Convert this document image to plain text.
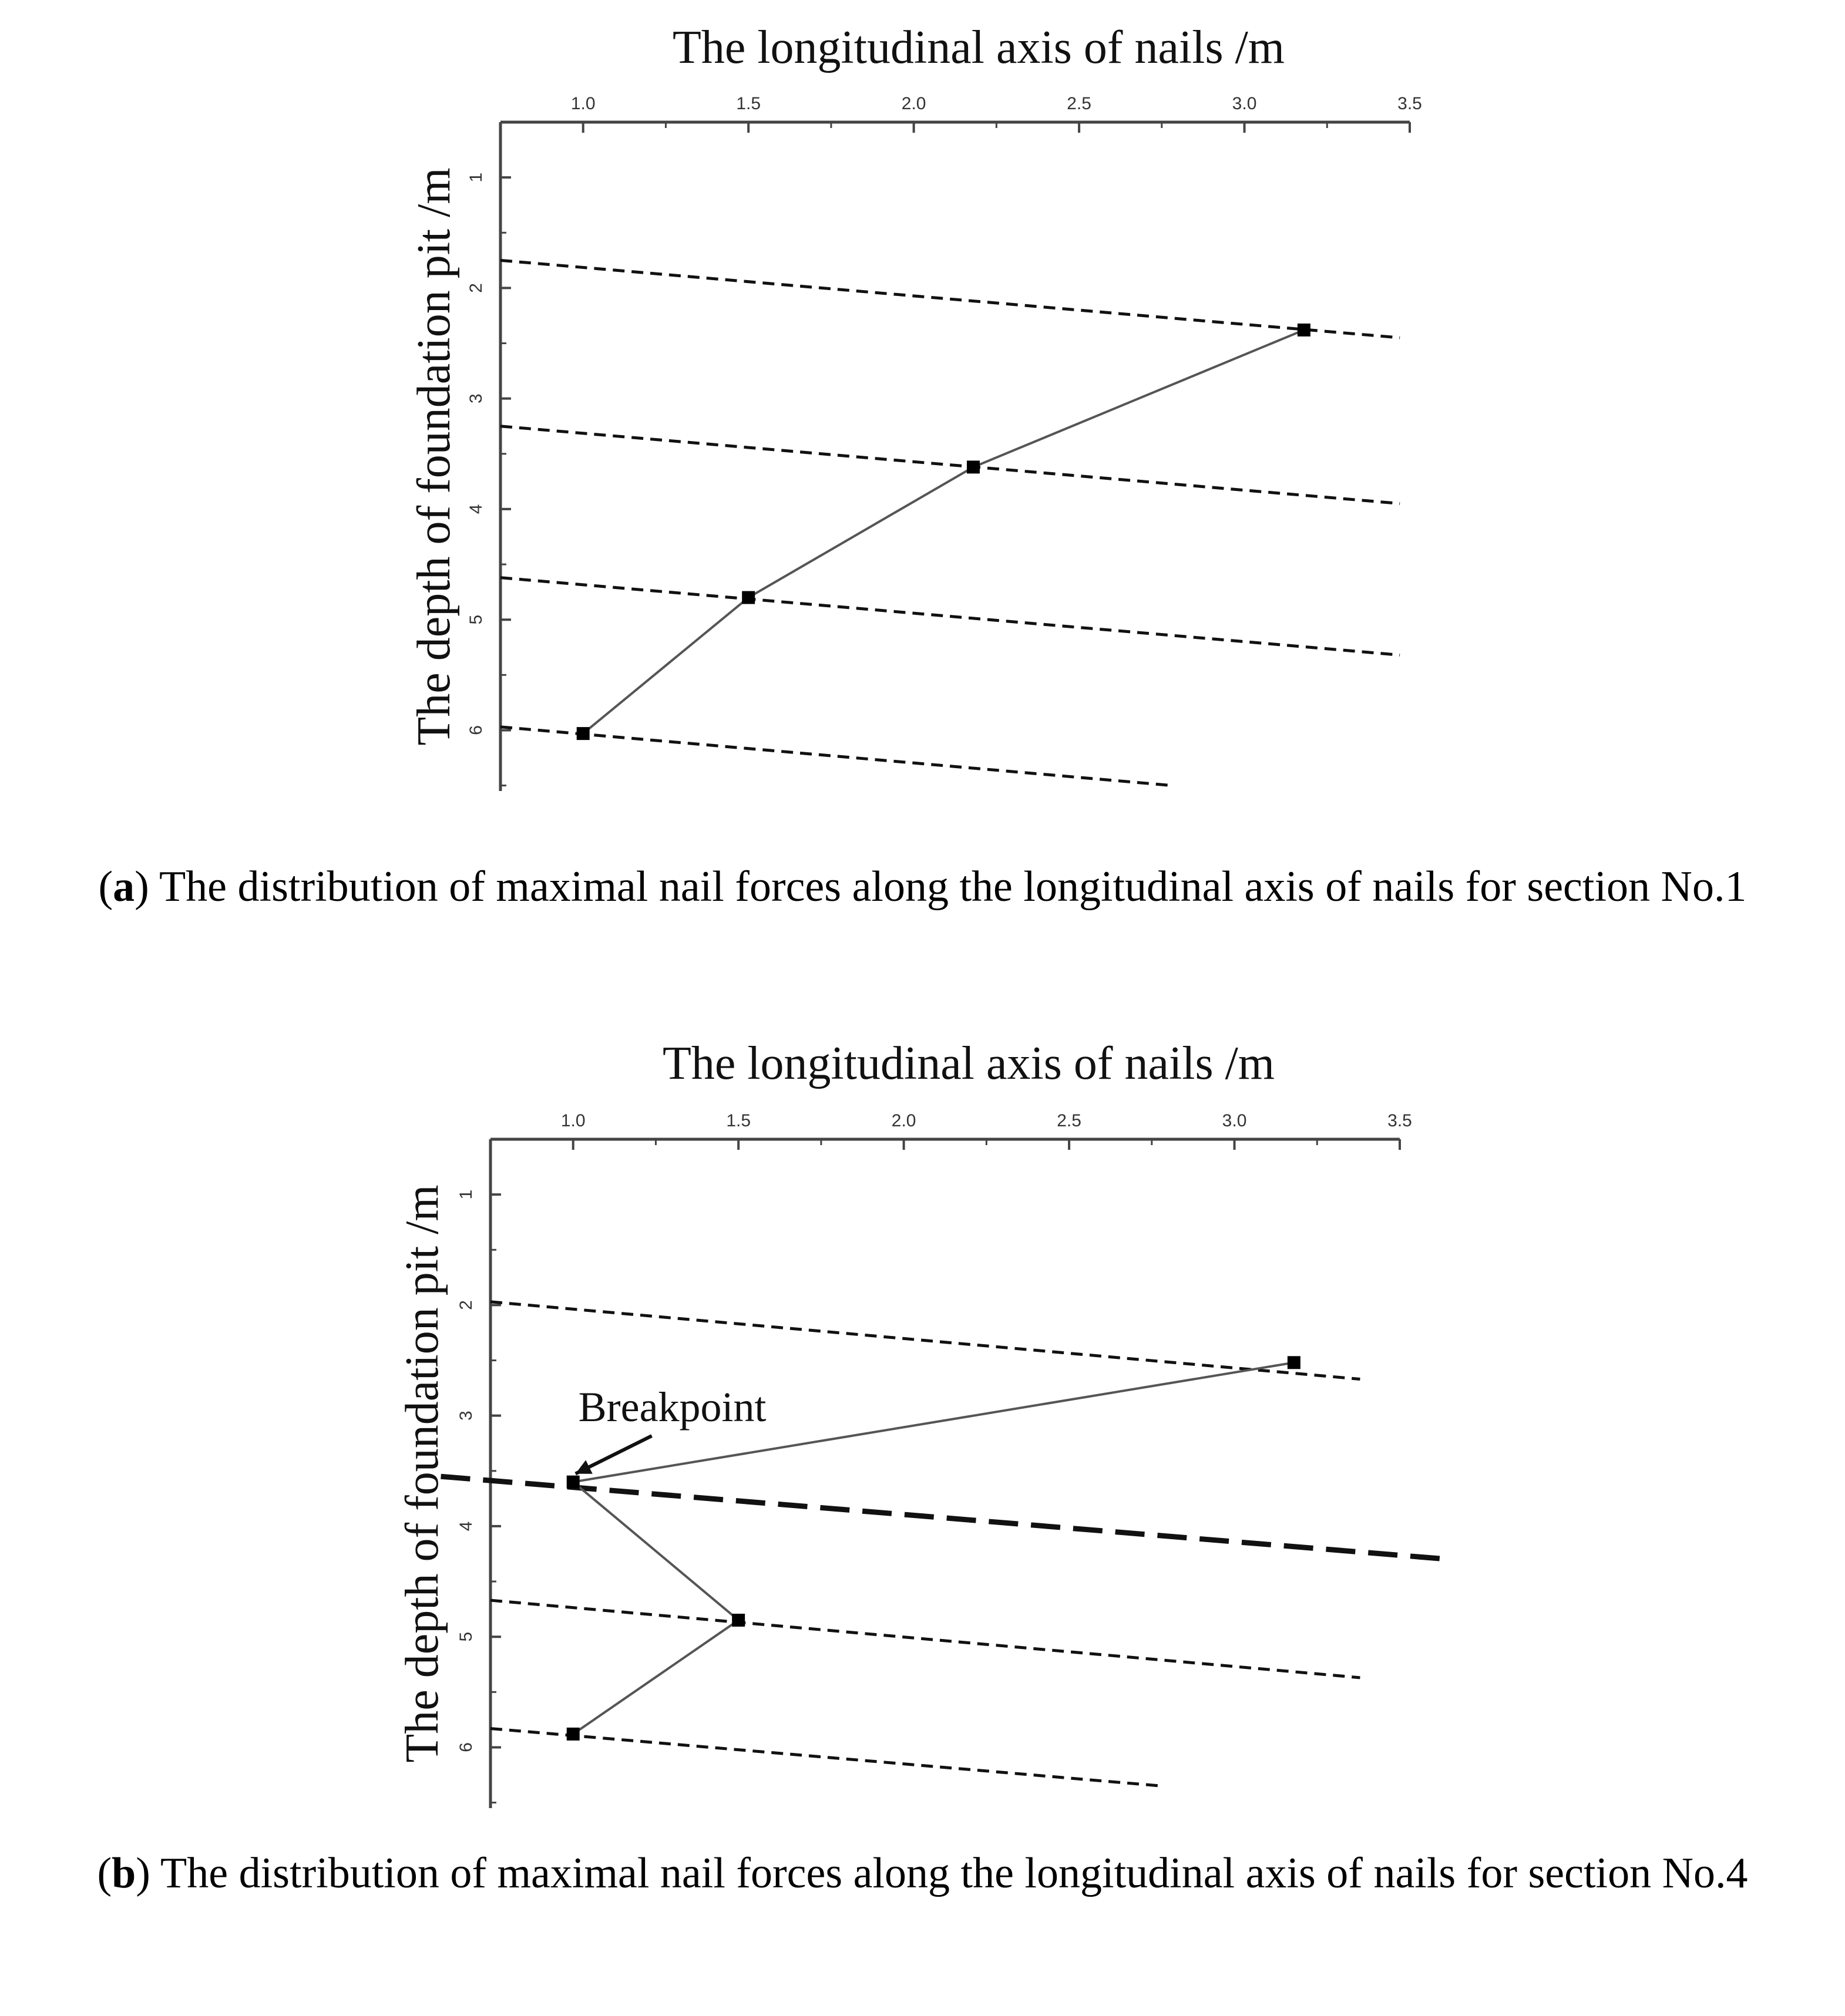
The longitudinal axis of nails /m
The depth of foundation pit /m
1.0	1.5	2.0	2.5	3.0	3.5
1
2
3
4
5
6
(a) The distribution of maximal nail forces along the longitudinal axis of nails for section No.1
The longitudinal axis of nails /m
The depth of foundation pit /m
1.0	1.5	2.0	2.5	3.0	3.5
1
2
3
4
5
6
Breakpoint
(b) The distribution of maximal nail forces along the longitudinal axis of nails for section No.4
